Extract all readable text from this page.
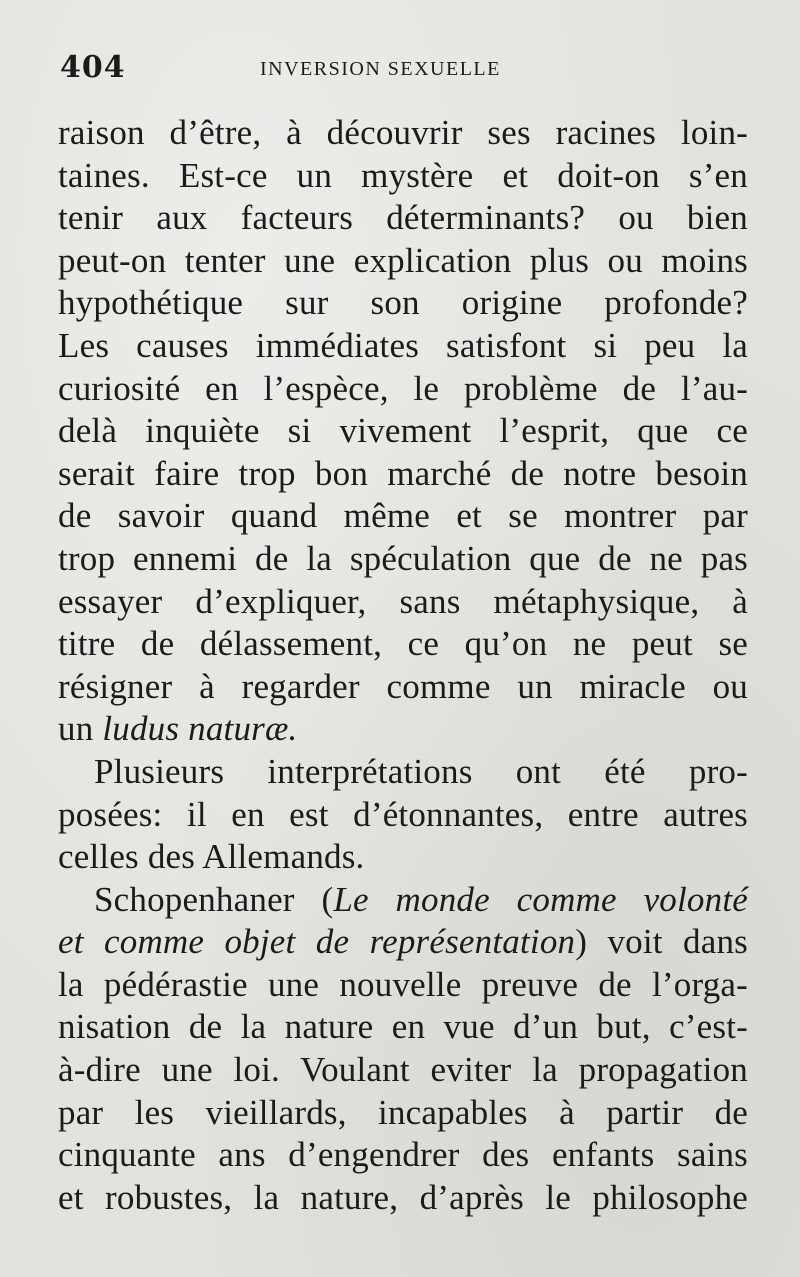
404	INVERSION SEXUELLE
raison d’être, à découvrir ses racines loin-
taines. Est-ce un mystère et doit-on s’en
tenir aux facteurs déterminants? ou bien
peut-on tenter une explication plus ou moins
hypothétique sur son origine profonde?
Les causes immédiates satisfont si peu la
curiosité en l’espèce, le problème de l’au-
delà inquiète si vivement l’esprit, que ce
serait faire trop bon marché de notre besoin
de savoir quand même et se montrer par
trop ennemi de la spéculation que de ne pas
essayer d’expliquer, sans métaphysique, à
titre de délassement, ce qu’on ne peut se
résigner à regarder comme un miracle ou
un ludus naturæ.
Plusieurs interprétations ont été pro-
posées: il en est d’étonnantes, entre autres
celles des Allemands.
Schopenhaner (Le monde comme volonté
et comme objet de représentation) voit dans
la pédérastie une nouvelle preuve de l’orga-
nisation de la nature en vue d’un but, c’est-
à-dire une loi. Voulant eviter la propagation
par les vieillards, incapables à partir de
cinquante ans d’engendrer des enfants sains
et robustes, la nature, d’après le philosophe
